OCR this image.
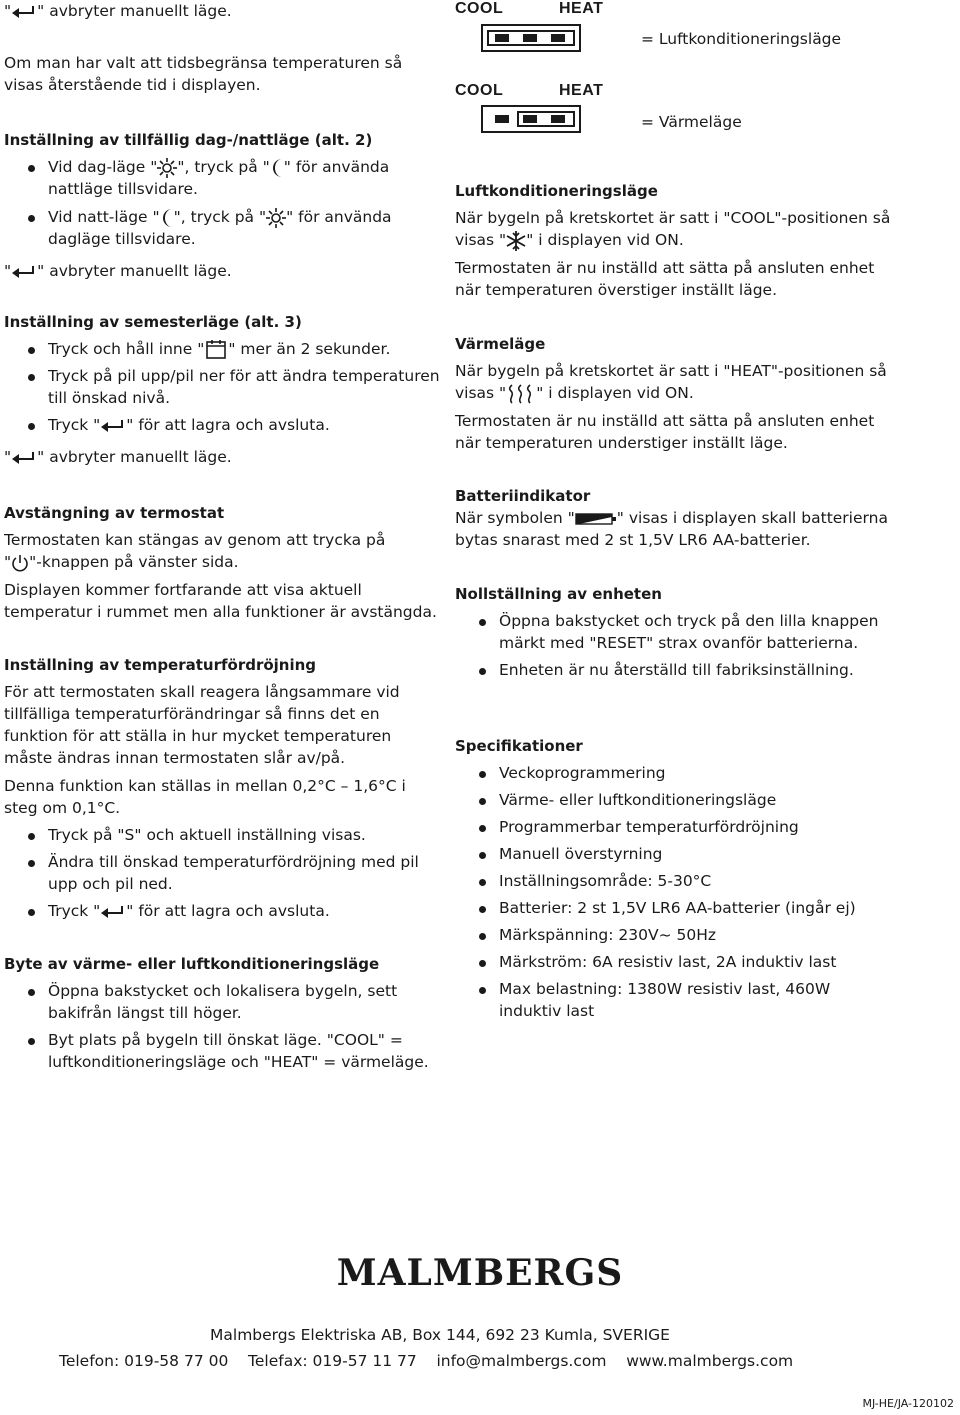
" " avbryter manuellt läge.

Om man har valt att tidsbegränsa temperaturen så visas återstående tid i displayen.

Inställning av tillfällig dag-/nattläge (alt. 2)

Vid dag-läge " ", tryck på " " för använda
nattläge tillsvidare.
Vid natt-läge " ", tryck på " " för använda
dagläge tillsvidare.

" " avbryter manuellt läge.

Inställning av semesterläge (alt. 3)

Tryck och håll inne " " mer än 2 sekunder.
Tryck på pil upp/pil ner för att ändra temperaturen till önskad nivå.
Tryck " " för att lagra och avsluta.

" " avbryter manuellt läge.

Avstängning av termostat

Termostaten kan stängas av genom att trycka på
" "-knappen på vänster sida.

Displayen kommer fortfarande att visa aktuell temperatur i rummet men alla funktioner är avstängda.

Inställning av temperaturfördröjning

För att termostaten skall reagera långsammare vid tillfälliga temperaturförändringar så finns det en funktion för att ställa in hur mycket temperaturen måste ändras innan termostaten slår av/på.

Denna funktion kan ställas in mellan 0,2°C – 1,6°C i steg om 0,1°C.

Tryck på "S" och aktuell inställning visas.
Ändra till önskad temperaturfördröjning med pil upp och pil ned.
Tryck " " för att lagra och avsluta.

Byte av värme- eller luftkonditioneringsläge

Öppna bakstycket och lokalisera bygeln, sett bakifrån längst till höger.
Byt plats på bygeln till önskat läge. "COOL" = luftkonditioneringsläge och "HEAT" = värmeläge.
COOL	HEAT
= Luftkonditioneringsläge
COOL	HEAT
= Värmeläge

Luftkonditioneringsläge

När bygeln på kretskortet är satt i "COOL"-positionen så visas " " i displayen vid ON.

Termostaten är nu inställd att sätta på ansluten enhet när temperaturen överstiger inställt läge.

Värmeläge

När bygeln på kretskortet är satt i "HEAT"-positionen så visas " " i displayen vid ON.

Termostaten är nu inställd att sätta på ansluten enhet när temperaturen understiger inställt läge.

Batteriindikator

När symbolen "	" visas i displayen skall batterierna bytas snarast med 2 st 1,5V LR6 AA-batterier.

Nollställning av enheten

Öppna bakstycket och tryck på den lilla knappen märkt med "RESET" strax ovanför batterierna.
Enheten är nu återställd till fabriksinställning.

Specifikationer

Veckoprogrammering
Värme- eller luftkonditioneringsläge
Programmerbar temperaturfördröjning
Manuell överstyrning
Inställningsområde: 5-30°C
Batterier: 2 st 1,5V LR6 AA-batterier (ingår ej)
Märkspänning: 230V~ 50Hz
Märkström: 6A resistiv last, 2A induktiv last
Max belastning: 1380W resistiv last, 460W induktiv last
MALMBERGS
Malmbergs Elektriska AB, Box 144, 692 23 Kumla, SVERIGE
Telefon: 019-58 77 00 Telefax: 019-57 11 77 info@malmbergs.com www.malmbergs.com
MJ-HE/JA-120102
